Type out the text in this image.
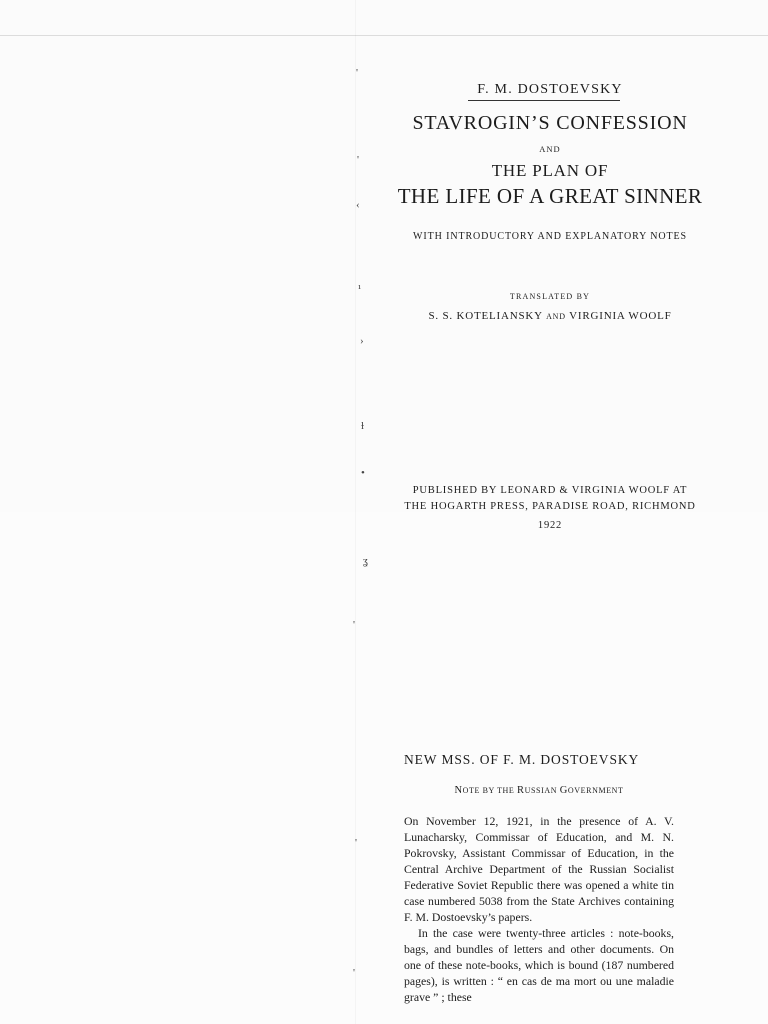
F. M. DOSTOEVSKY
STAVROGIN’S CONFESSION
AND
THE PLAN OF
THE LIFE OF A GREAT SINNER
WITH INTRODUCTORY AND EXPLANATORY NOTES
TRANSLATED BY
S. S. KOTELIANSKY AND VIRGINIA WOOLF
PUBLISHED BY LEONARD & VIRGINIA WOOLF AT
THE HOGARTH PRESS, PARADISE ROAD, RICHMOND
1922
'
'
‹
¹
›
ɫ
•
ʓ
'
'
'
NEW MSS. OF F. M. DOSTOEVSKY
NOTE BY THE RUSSIAN GOVERNMENT

On November 12, 1921, in the presence of A. V. Lunacharsky, Commissar of Education, and M. N. Pokrovsky, Assistant Commissar of Education, in the Central Archive Department of the Russian Socialist Federative Soviet Republic there was opened a white tin case numbered 5038 from the State Archives containing F. M. Dostoevsky’s papers.

In the case were twenty-three articles : note-books, bags, and bundles of letters and other documents. On one of these note-books, which is bound (187 numbered pages), is written : “ en cas de ma mort ou une maladie grave ” ; these
